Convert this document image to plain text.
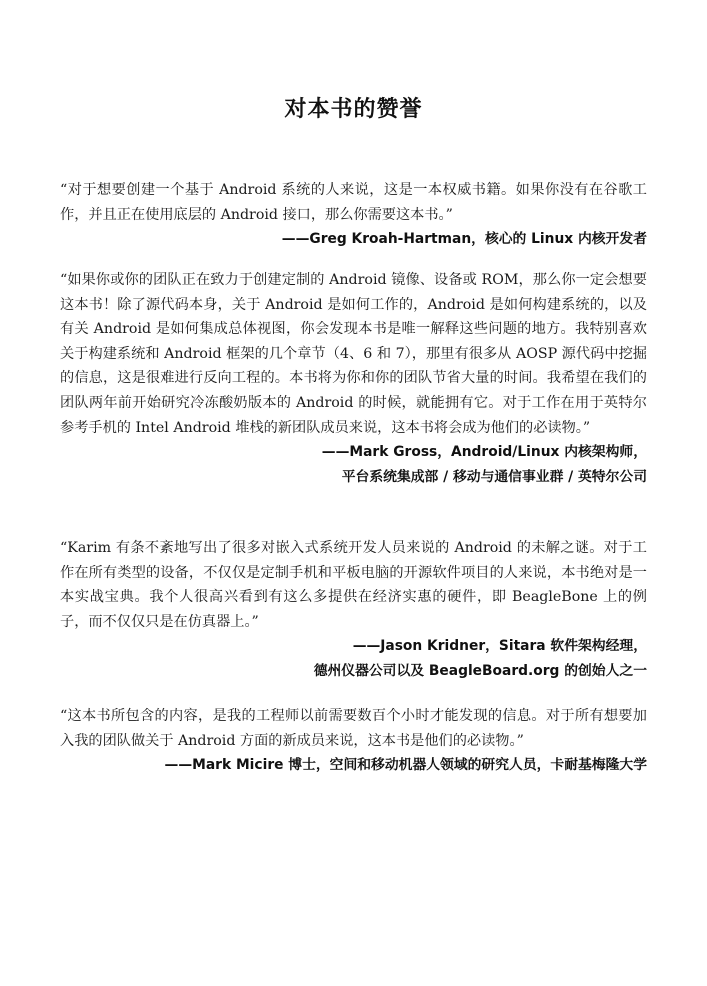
对本书的赞誉

“对于想要创建一个基于 Android 系统的人来说，这是一本权威书籍。如果你没有在谷歌工作，并且正在使用底层的 Android 接口，那么你需要这本书。”

——Greg Kroah-Hartman，核心的 Linux 内核开发者

“如果你或你的团队正在致力于创建定制的 Android 镜像、设备或 ROM，那么你一定会想要这本书！除了源代码本身，关于 Android 是如何工作的，Android 是如何构建系统的，以及有关 Android 是如何集成总体视图，你会发现本书是唯一解释这些问题的地方。我特别喜欢关于构建系统和 Android 框架的几个章节（4、6 和 7），那里有很多从 AOSP 源代码中挖掘的信息，这是很难进行反向工程的。本书将为你和你的团队节省大量的时间。我希望在我们的团队两年前开始研究冷冻酸奶版本的 Android 的时候，就能拥有它。对于工作在用于英特尔参考手机的 Intel Android 堆栈的新团队成员来说，这本书将会成为他们的必读物。”

——Mark Gross，Android/Linux 内核架构师，

平台系统集成部 / 移动与通信事业群 / 英特尔公司

“Karim 有条不紊地写出了很多对嵌入式系统开发人员来说的 Android 的未解之谜。对于工作在所有类型的设备，不仅仅是定制手机和平板电脑的开源软件项目的人来说，本书绝对是一本实战宝典。我个人很高兴看到有这么多提供在经济实惠的硬件，即 BeagleBone 上的例子，而不仅仅只是在仿真器上。”

——Jason Kridner，Sitara 软件架构经理，

德州仪器公司以及 BeagleBoard.org 的创始人之一

“这本书所包含的内容，是我的工程师以前需要数百个小时才能发现的信息。对于所有想要加入我的团队做关于 Android 方面的新成员来说，这本书是他们的必读物。”

——Mark Micire 博士，空间和移动机器人领域的研究人员，卡耐基梅隆大学
